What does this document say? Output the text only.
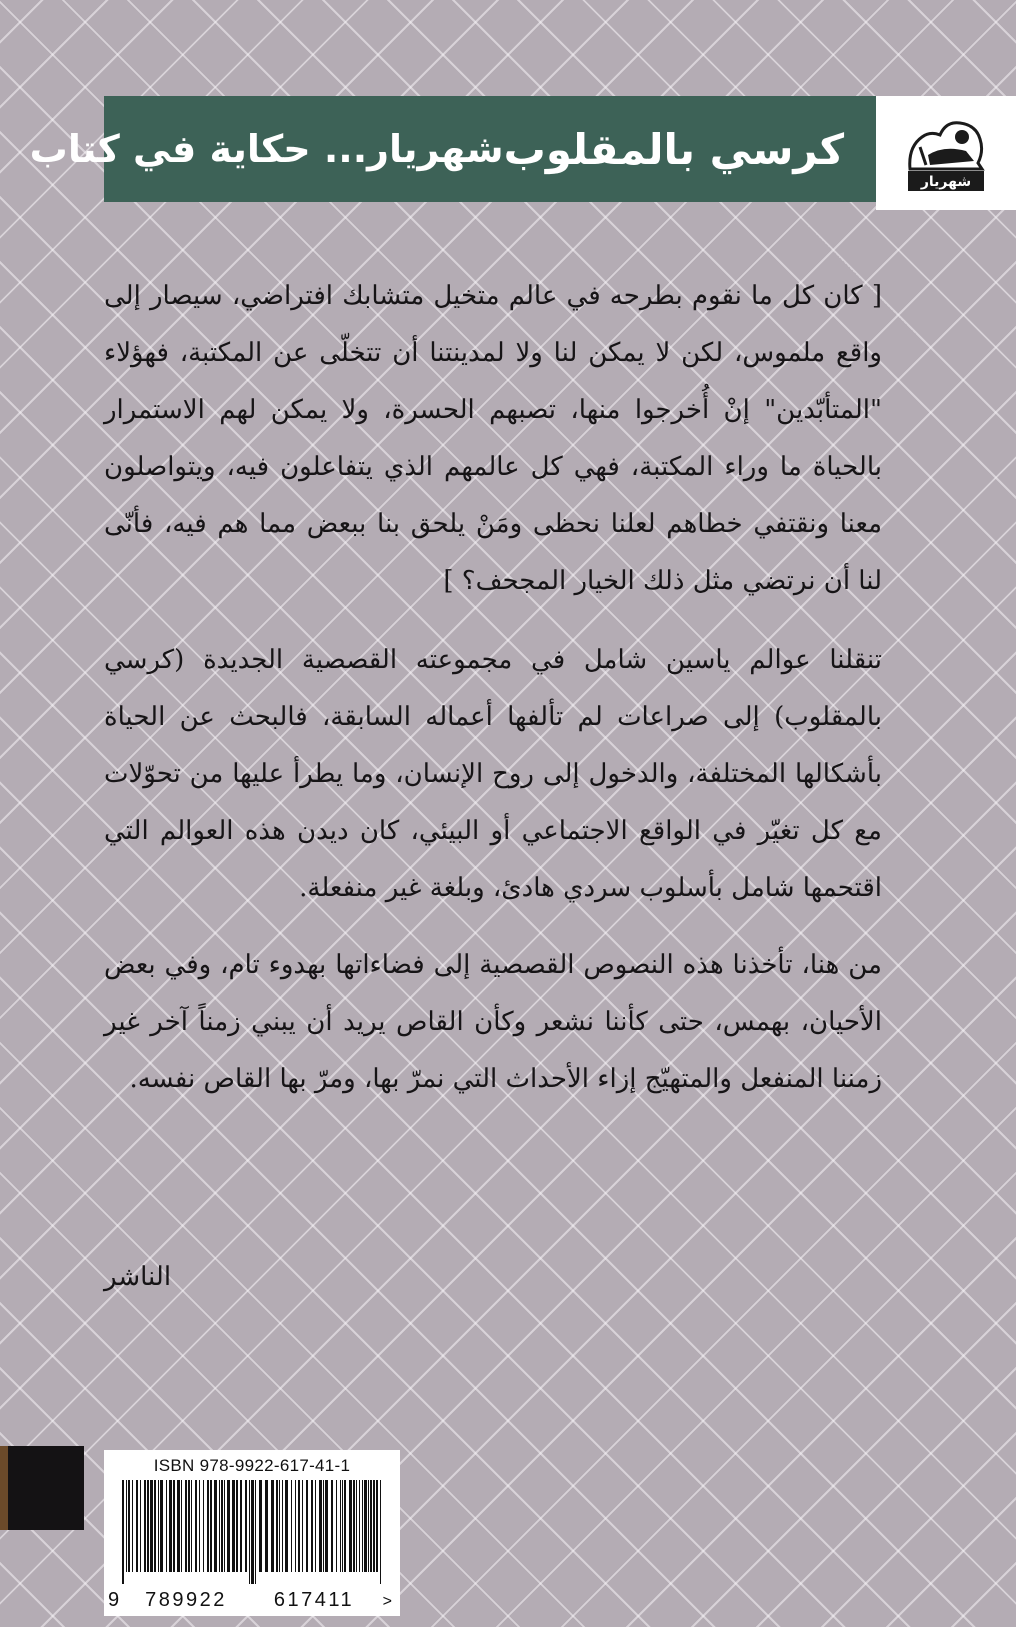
كرسي بالمقلوب
شهريار... حكاية في كتاب
شهريار

[ كان كل ما نقوم بطرحه في عالم متخيل متشابك افتراضي، سيصار إلى واقع ملموس، لكن لا يمكن لنا ولا لمدينتنا أن تتخلّى عن المكتبة، فهؤلاء "المتأبّدين" إنْ أُخرجوا منها، تصبهم الحسرة، ولا يمكن لهم الاستمرار بالحياة ما وراء المكتبة، فهي كل عالمهم الذي يتفاعلون فيه، ويتواصلون معنا ونقتفي خطاهم لعلنا نحظى ومَنْ يلحق بنا ببعض مما هم فيه، فأنّى لنا أن نرتضي مثل ذلك الخيار المجحف؟ ]

تنقلنا عوالم ياسين شامل في مجموعته القصصية الجديدة (كرسي بالمقلوب) إلى صراعات لم تألفها أعماله السابقة، فالبحث عن الحياة بأشكالها المختلفة، والدخول إلى روح الإنسان، وما يطرأ عليها من تحوّلات مع كل تغيّر في الواقع الاجتماعي أو البيئي، كان ديدن هذه العوالم التي اقتحمها شامل بأسلوب سردي هادئ، وبلغة غير منفعلة.

من هنا، تأخذنا هذه النصوص القصصية إلى فضاءاتها بهدوء تام، وفي بعض الأحيان، بهمس، حتى كأننا نشعر وكأن القاص يريد أن يبني زمناً آخر غير زمننا المنفعل والمتهيّج إزاء الأحداث التي نمرّ بها، ومرّ بها القاص نفسه.

الناشر
ISBN 978-9922-617-41-1
9	789922	617411	>
